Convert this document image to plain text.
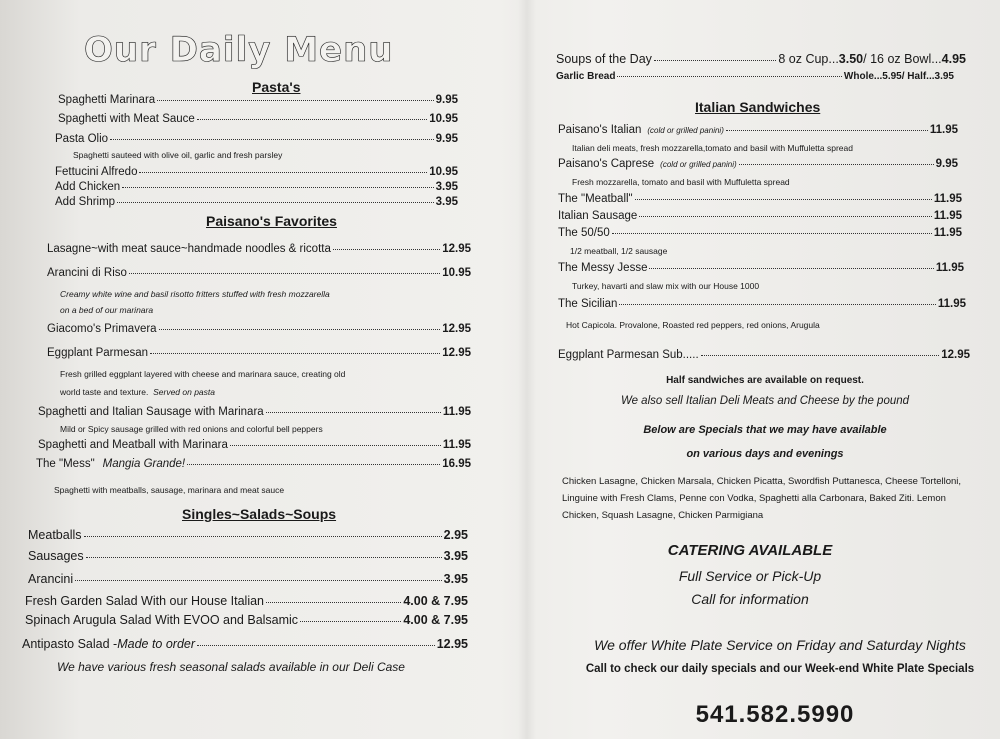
Our Daily Menu
Pasta's
Spaghetti Marinara	9.95
Spaghetti with Meat Sauce	10.95
Pasta Olio	9.95
Spaghetti sauteed with olive oil, garlic and fresh parsley
Fettucini Alfredo	10.95
Add Chicken	3.95
Add Shrimp	3.95
Paisano's Favorites
Lasagne~with meat sauce~handmade noodles & ricotta	12.95
Arancini di Riso	10.95
Creamy white wine and basil risotto fritters stuffed with fresh mozzarella
on a bed of our marinara
Giacomo's Primavera	12.95
Eggplant Parmesan	12.95
Fresh grilled eggplant layered with cheese and marinara sauce, creating old
world taste and texture. Served on pasta
Spaghetti and Italian Sausage with Marinara	11.95
Mild or Spicy sausage grilled with red onions and colorful bell peppers
Spaghetti and Meatball with Marinara	11.95
The "Mess" Mangia Grande!	16.95
Spaghetti with meatballs, sausage, marinara and meat sauce
Singles~Salads~Soups
Meatballs	2.95
Sausages	3.95
Arancini	3.95
Fresh Garden Salad With our House Italian	4.00 & 7.95
Spinach Arugula Salad With EVOO and Balsamic	4.00 & 7.95
Antipasto Salad - Made to order	12.95
We have various fresh seasonal salads available in our Deli Case
Soups of the Day	8 oz Cup... 3.50 / 16 oz Bowl... 4.95
Garlic Bread	Whole... 5.95 / Half... 3.95
Italian Sandwiches
Paisano's Italian (cold or grilled panini)	11.95
Italian deli meats, fresh mozzarella,tomato and basil with Muffuletta spread
Paisano's Caprese (cold or grilled panini)	9.95
Fresh mozzarella, tomato and basil with Muffuletta spread
The "Meatball"	11.95
Italian Sausage	11.95
The 50/50	11.95
1/2 meatball, 1/2 sausage
The Messy Jesse	11.95
Turkey, havarti and slaw mix with our House 1000
The Sicilian	11.95
Hot Capicola. Provalone, Roasted red peppers, red onions, Arugula
Eggplant Parmesan Sub.....	12.95
Half sandwiches are available on request.
We also sell Italian Deli Meats and Cheese by the pound
Below are Specials that we may have available
on various days and evenings
Chicken Lasagne, Chicken Marsala, Chicken Picatta, Swordfish Puttanesca, Cheese Tortelloni,
Linguine with Fresh Clams, Penne con Vodka, Spaghetti alla Carbonara, Baked Ziti. Lemon
Chicken, Squash Lasagne, Chicken Parmigiana
CATERING AVAILABLE
Full Service or Pick-Up
Call for information
We offer White Plate Service on Friday and Saturday Nights
Call to check our daily specials and our Week-end White Plate Specials
541.582.5990
